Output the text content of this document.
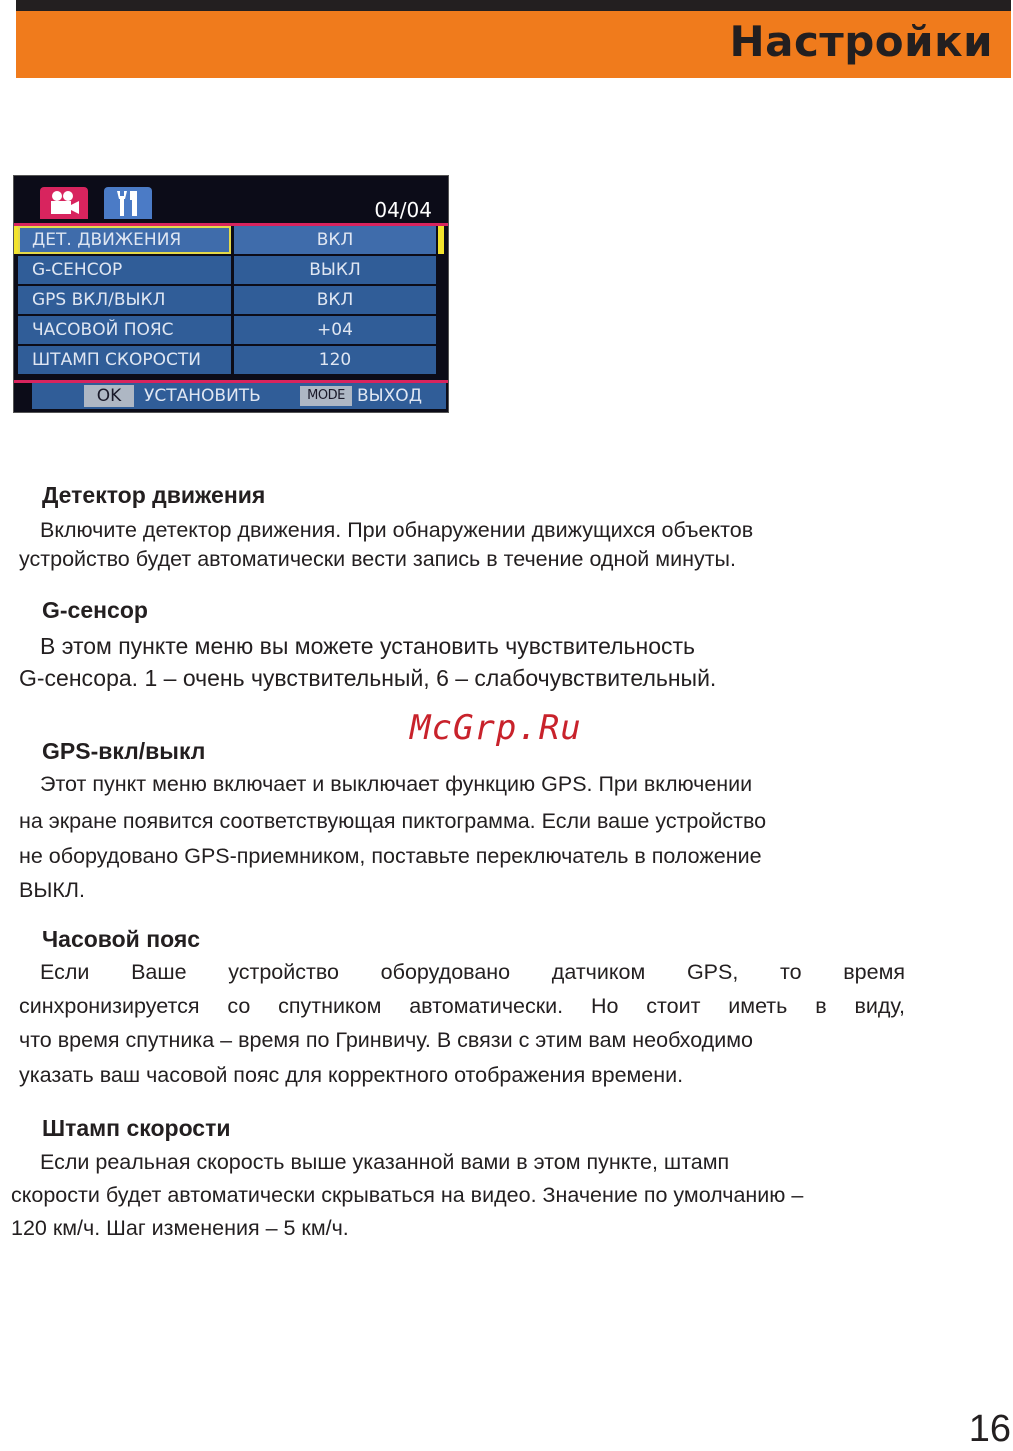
Настройки
04/04
ДЕТ. ДВИЖЕНИЯ	ВКЛ
G-СЕНСОР	ВЫКЛ
GPS ВКЛ/ВЫКЛ	ВКЛ
ЧАСОВОЙ ПОЯС	+04
ШТАМП СКОРОСТИ	120
OK	УСТАНОВИТЬ	MODE ВЫХОД
Детектор движения
Включите детектор движения. При обнаружении движущихся объектов
устройство будет автоматически вести запись в течение одной минуты.
G-сенсор
В этом пункте меню вы можете установить чувствительность
G-сенсора. 1 – очень чувствительный, 6 – слабочувствительный.
McGrp.Ru
GPS-вкл/выкл
Этот пункт меню включает и выключает функцию GPS. При включении
на экране появится соответствующая пиктограмма. Если ваше устройство
не оборудовано GPS-приемником, поставьте переключатель в положение
ВЫКЛ.
Часовой пояс
Если Ваше устройство оборудовано датчиком GPS, то время
синхронизируется со спутником автоматически. Но стоит иметь в виду,
что время спутника – время по Гринвичу. В связи с этим вам необходимо
указать ваш часовой пояс для корректного отображения времени.
Штамп скорости
Если реальная скорость выше указанной вами в этом пункте, штамп
скорости будет автоматически скрываться на видео. Значение по умолчанию –
120 км/ч. Шаг изменения – 5 км/ч.
16
